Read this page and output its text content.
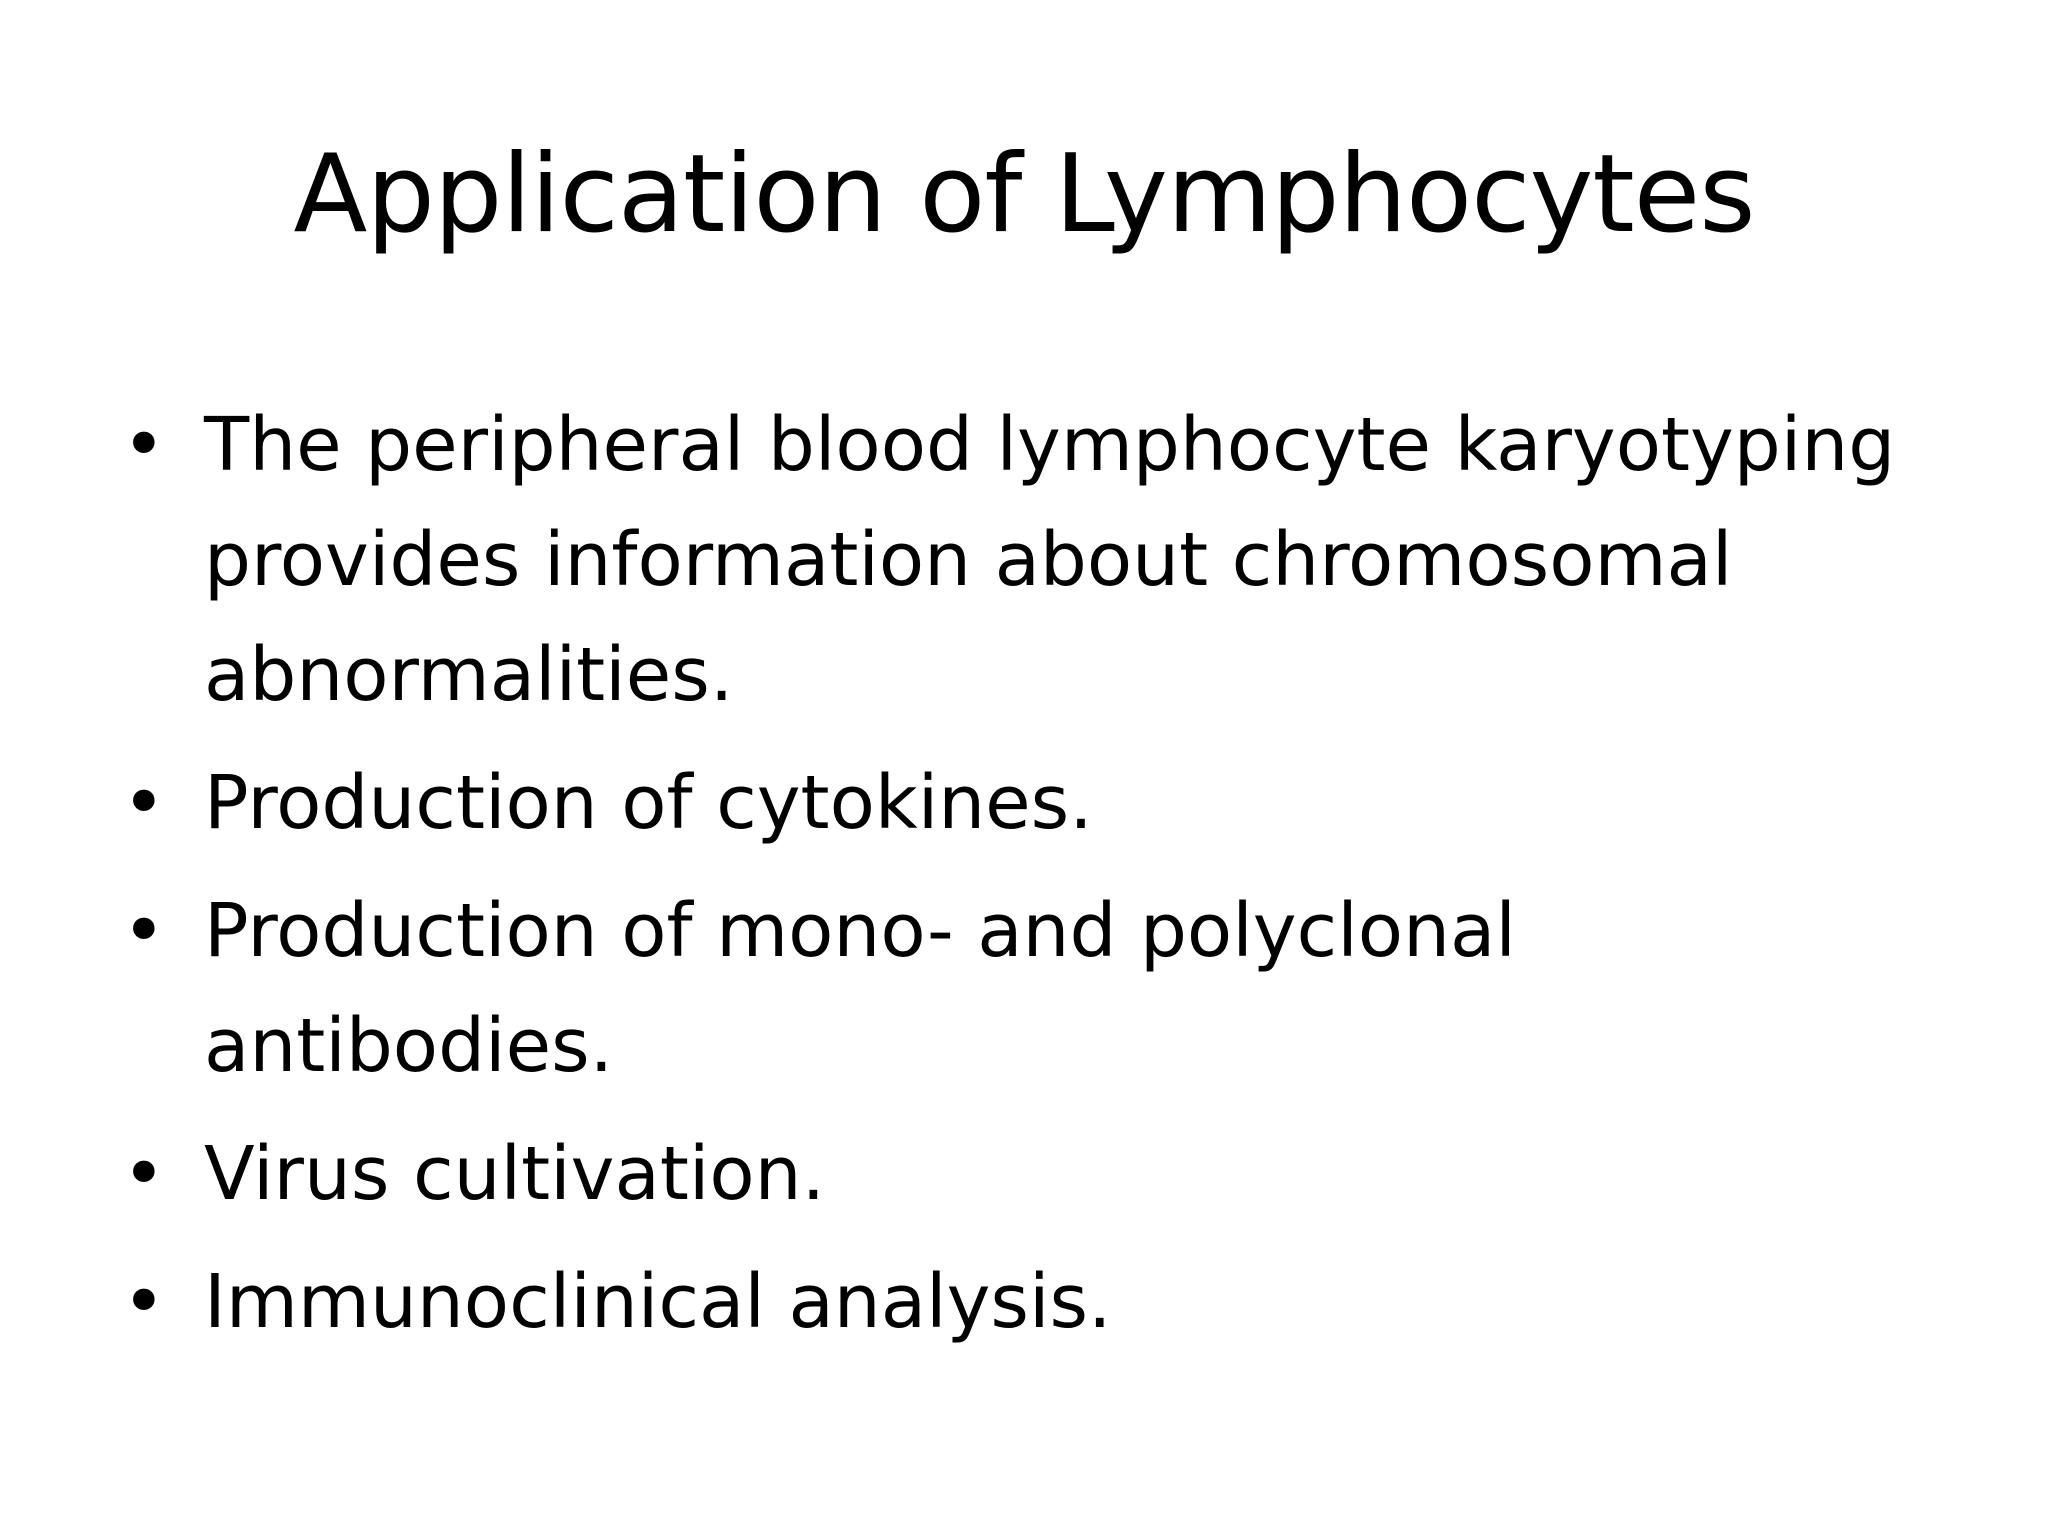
Application of Lymphocytes
• The peripheral blood lymphocyte karyotyping provides information about chromosomal abnormalities.
• Production of cytokines.
• Production of mono- and polyclonal antibodies.
• Virus cultivation.
• Immunoclinical analysis.
